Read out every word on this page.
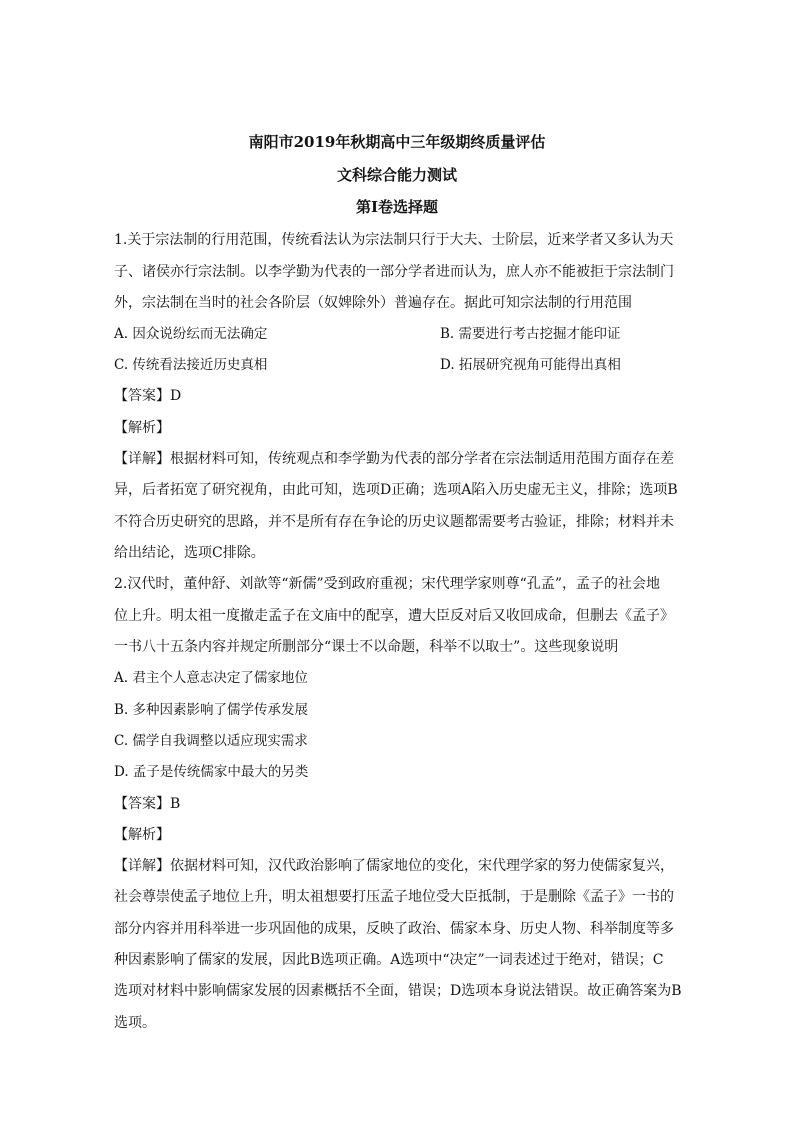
南阳市2019年秋期高中三年级期终质量评估
文科综合能力测试
第Ⅰ卷选择题
1.关于宗法制的行用范围，传统看法认为宗法制只行于大夫、士阶层，近来学者又多认为天
子、诸侯亦行宗法制。以李学勤为代表的一部分学者进而认为，庶人亦不能被拒于宗法制门
外，宗法制在当时的社会各阶层（奴婢除外）普遍存在。据此可知宗法制的行用范围
A. 因众说纷纭而无法确定	B. 需要进行考古挖掘才能印证
C. 传统看法接近历史真相	D. 拓展研究视角可能得出真相
【答案】D
【解析】
【详解】根据材料可知，传统观点和李学勤为代表的部分学者在宗法制适用范围方面存在差
异，后者拓宽了研究视角，由此可知，选项D正确；选项A陷入历史虚无主义，排除；选项B
不符合历史研究的思路，并不是所有存在争论的历史议题都需要考古验证，排除；材料并未
给出结论，选项C排除。
2.汉代时，董仲舒、刘歆等“新儒”受到政府重视；宋代理学家则尊“孔孟”，孟子的社会地
位上升。明太祖一度撤走孟子在文庙中的配享，遭大臣反对后又收回成命，但删去《孟子》
一书八十五条内容并规定所删部分“课士不以命题，科举不以取士”。这些现象说明
A. 君主个人意志决定了儒家地位
B. 多种因素影响了儒学传承发展
C. 儒学自我调整以适应现实需求
D. 孟子是传统儒家中最大的另类
【答案】B
【解析】
【详解】依据材料可知，汉代政治影响了儒家地位的变化，宋代理学家的努力使儒家复兴，
社会尊崇使孟子地位上升，明太祖想要打压孟子地位受大臣抵制，于是删除《孟子》一书的
部分内容并用科举进一步巩固他的成果，反映了政治、儒家本身、历史人物、科举制度等多
种因素影响了儒家的发展，因此B选项正确。A选项中“决定”一词表述过于绝对，错误；C
选项对材料中影响儒家发展的因素概括不全面，错误；D选项本身说法错误。故正确答案为B
选项。
